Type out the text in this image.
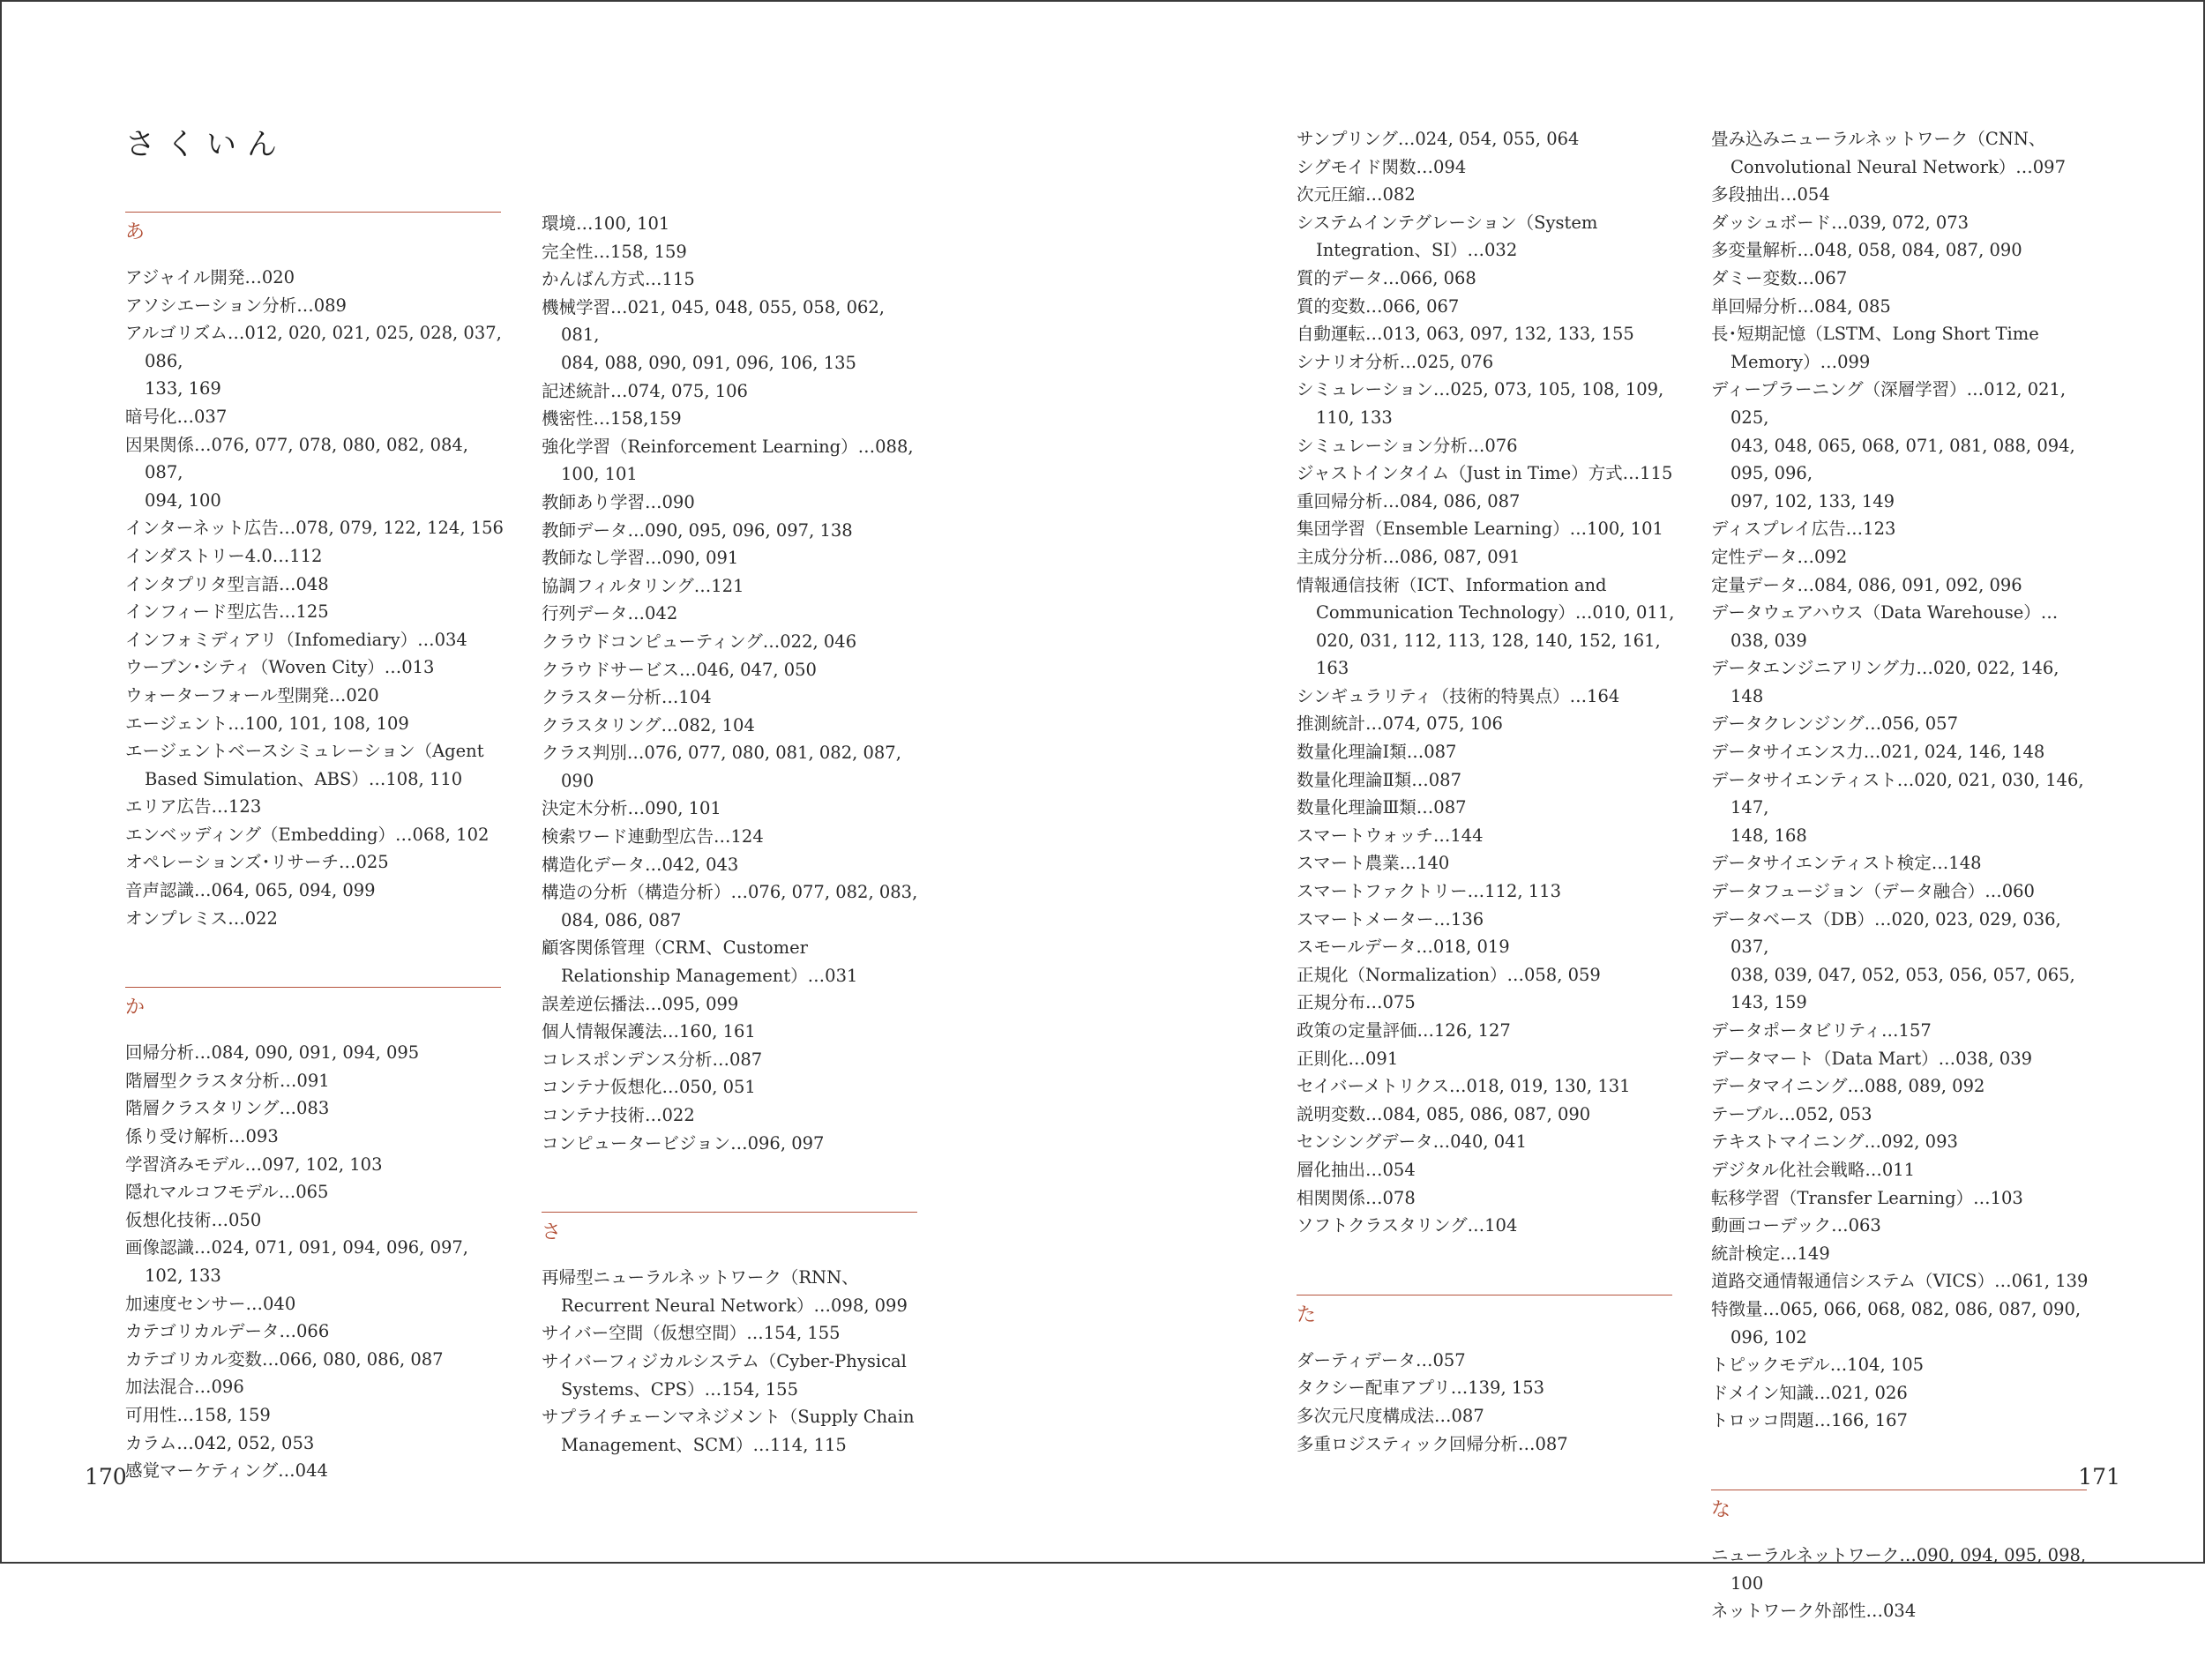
さくいん
あ
アジャイル開発…020
アソシエーション分析…089
アルゴリズム…012, 020, 021, 025, 028, 037, 086,
133, 169
暗号化…037
因果関係…076, 077, 078, 080, 082, 084, 087,
094, 100
インターネット広告…078, 079, 122, 124, 156
インダストリー4.0…112
インタプリタ型言語…048
インフィード型広告…125
インフォミディアリ（Infomediary）…034
ウーブン･シティ（Woven City）…013
ウォーターフォール型開発…020
エージェント…100, 101, 108, 109
エージェントベースシミュレーション（Agent
Based Simulation、ABS）…108, 110
エリア広告…123
エンベッディング（Embedding）…068, 102
オペレーションズ･リサーチ…025
音声認識…064, 065, 094, 099
オンプレミス…022
か
回帰分析…084, 090, 091, 094, 095
階層型クラスタ分析…091
階層クラスタリング…083
係り受け解析…093
学習済みモデル…097, 102, 103
隠れマルコフモデル…065
仮想化技術…050
画像認識…024, 071, 091, 094, 096, 097, 102, 133
加速度センサー…040
カテゴリカルデータ…066
カテゴリカル変数…066, 080, 086, 087
加法混合…096
可用性…158, 159
カラム…042, 052, 053
感覚マーケティング…044
環境…100, 101
完全性…158, 159
かんばん方式…115
機械学習…021, 045, 048, 055, 058, 062, 081,
084, 088, 090, 091, 096, 106, 135
記述統計…074, 075, 106
機密性…158,159
強化学習（Reinforcement Learning）…088,
100, 101
教師あり学習…090
教師データ…090, 095, 096, 097, 138
教師なし学習…090, 091
協調フィルタリング…121
行列データ…042
クラウドコンピューティング…022, 046
クラウドサービス…046, 047, 050
クラスター分析…104
クラスタリング…082, 104
クラス判別…076, 077, 080, 081, 082, 087, 090
決定木分析…090, 101
検索ワード連動型広告…124
構造化データ…042, 043
構造の分析（構造分析）…076, 077, 082, 083,
084, 086, 087
顧客関係管理（CRM、Customer
Relationship Management）…031
誤差逆伝播法…095, 099
個人情報保護法…160, 161
コレスポンデンス分析…087
コンテナ仮想化…050, 051
コンテナ技術…022
コンピュータービジョン…096, 097
さ
再帰型ニューラルネットワーク（RNN、
Recurrent Neural Network）…098, 099
サイバー空間（仮想空間）…154, 155
サイバーフィジカルシステム（Cyber-Physical
Systems、CPS）…154, 155
サプライチェーンマネジメント（Supply Chain
Management、SCM）…114, 115
サンプリング…024, 054, 055, 064
シグモイド関数…094
次元圧縮…082
システムインテグレーション（System
Integration、SI）…032
質的データ…066, 068
質的変数…066, 067
自動運転…013, 063, 097, 132, 133, 155
シナリオ分析…025, 076
シミュレーション…025, 073, 105, 108, 109, 110, 133
シミュレーション分析…076
ジャストインタイム（Just in Time）方式…115
重回帰分析…084, 086, 087
集団学習（Ensemble Learning）…100, 101
主成分分析…086, 087, 091
情報通信技術（ICT、Information and
Communication Technology）…010, 011,
020, 031, 112, 113, 128, 140, 152, 161, 163
シンギュラリティ（技術的特異点）…164
推測統計…074, 075, 106
数量化理論Ⅰ類…087
数量化理論Ⅱ類…087
数量化理論Ⅲ類…087
スマートウォッチ…144
スマート農業…140
スマートファクトリー…112, 113
スマートメーター…136
スモールデータ…018, 019
正規化（Normalization）…058, 059
正規分布…075
政策の定量評価…126, 127
正則化…091
セイバーメトリクス…018, 019, 130, 131
説明変数…084, 085, 086, 087, 090
センシングデータ…040, 041
層化抽出…054
相関関係…078
ソフトクラスタリング…104
た
ダーティデータ…057
タクシー配車アプリ…139, 153
多次元尺度構成法…087
多重ロジスティック回帰分析…087
畳み込みニューラルネットワーク（CNN、
Convolutional Neural Network）…097
多段抽出…054
ダッシュボード…039, 072, 073
多変量解析…048, 058, 084, 087, 090
ダミー変数…067
単回帰分析…084, 085
長･短期記憶（LSTM、Long Short Time
Memory）…099
ディープラーニング（深層学習）…012, 021, 025,
043, 048, 065, 068, 071, 081, 088, 094, 095, 096,
097, 102, 133, 149
ディスプレイ広告…123
定性データ…092
定量データ…084, 086, 091, 092, 096
データウェアハウス（Data Warehouse）…
038, 039
データエンジニアリング力…020, 022, 146, 148
データクレンジング…056, 057
データサイエンス力…021, 024, 146, 148
データサイエンティスト…020, 021, 030, 146, 147,
148, 168
データサイエンティスト検定…148
データフュージョン（データ融合）…060
データベース（DB）…020, 023, 029, 036, 037,
038, 039, 047, 052, 053, 056, 057, 065, 143, 159
データポータビリティ…157
データマート（Data Mart）…038, 039
データマイニング…088, 089, 092
テーブル…052, 053
テキストマイニング…092, 093
デジタル化社会戦略…011
転移学習（Transfer Learning）…103
動画コーデック…063
統計検定…149
道路交通情報通信システム（VICS）…061, 139
特徴量…065, 066, 068, 082, 086, 087, 090, 096, 102
トピックモデル…104, 105
ドメイン知識…021, 026
トロッコ問題…166, 167
な
ニューラルネットワーク…090, 094, 095, 098, 100
ネットワーク外部性…034
170	171
